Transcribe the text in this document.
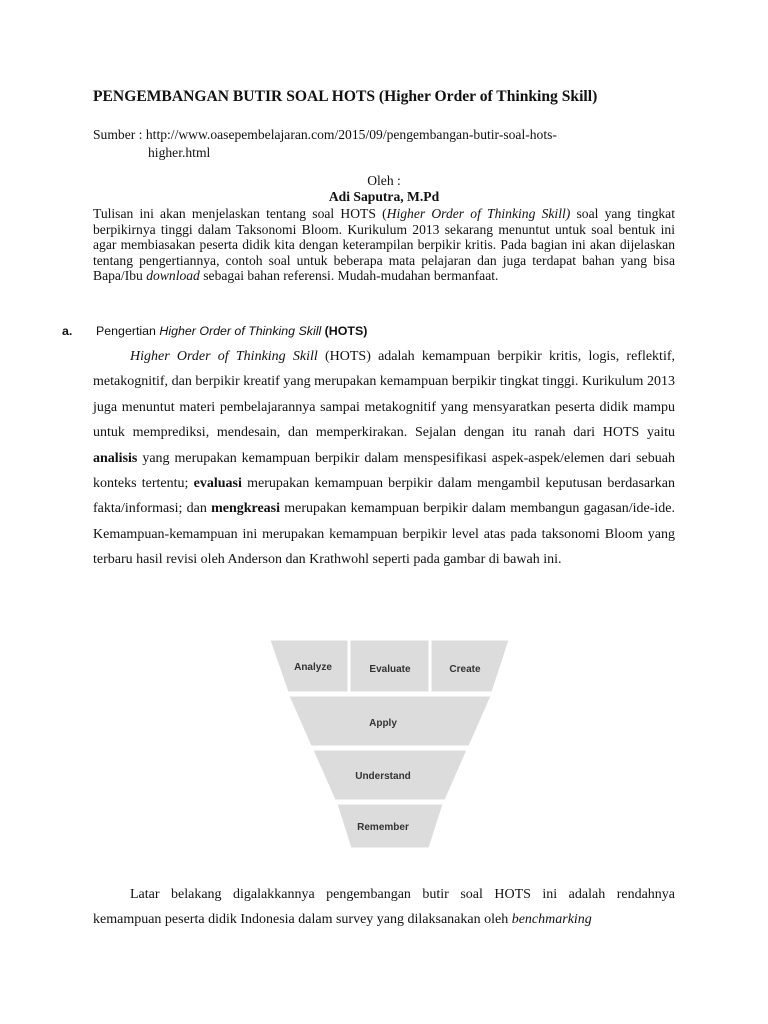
PENGEMBANGAN BUTIR SOAL HOTS (Higher Order of Thinking Skill)
Sumber : http://www.oasepembelajaran.com/2015/09/pengembangan-butir-soal-hots-
higher.html
Oleh :
Adi Saputra, M.Pd
Tulisan ini akan menjelaskan tentang soal HOTS (Higher Order of Thinking Skill) soal yang tingkat berpikirnya tinggi dalam Taksonomi Bloom. Kurikulum 2013 sekarang menuntut untuk soal bentuk ini agar membiasakan peserta didik kita dengan keterampilan berpikir kritis. Pada bagian ini akan dijelaskan tentang pengertiannya, contoh soal untuk beberapa mata pelajaran dan juga terdapat bahan yang bisa Bapa/Ibu download sebagai bahan referensi. Mudah-mudahan bermanfaat.
a. Pengertian Higher Order of Thinking Skill (HOTS)

Higher Order of Thinking Skill (HOTS) adalah kemampuan berpikir kritis, logis, reflektif, metakognitif, dan berpikir kreatif yang merupakan kemampuan berpikir tingkat tinggi. Kurikulum 2013 juga menuntut materi pembelajarannya sampai metakognitif yang mensyaratkan peserta didik mampu untuk memprediksi, mendesain, dan memperkirakan. Sejalan dengan itu ranah dari HOTS yaitu analisis yang merupakan kemampuan berpikir dalam menspesifikasi aspek-aspek/elemen dari sebuah konteks tertentu; evaluasi merupakan kemampuan berpikir dalam mengambil keputusan berdasarkan fakta/informasi; dan mengkreasi merupakan kemampuan berpikir dalam membangun gagasan/ide-ide. Kemampuan-kemampuan ini merupakan kemampuan berpikir level atas pada taksonomi Bloom yang terbaru hasil revisi oleh Anderson dan Krathwohl seperti pada gambar di bawah ini.

Analyze	Evaluate	Create
Apply
Understand
Remember

Latar belakang digalakkannya pengembangan butir soal HOTS ini adalah rendahnya kemampuan peserta didik Indonesia dalam survey yang dilaksanakan oleh benchmarking
